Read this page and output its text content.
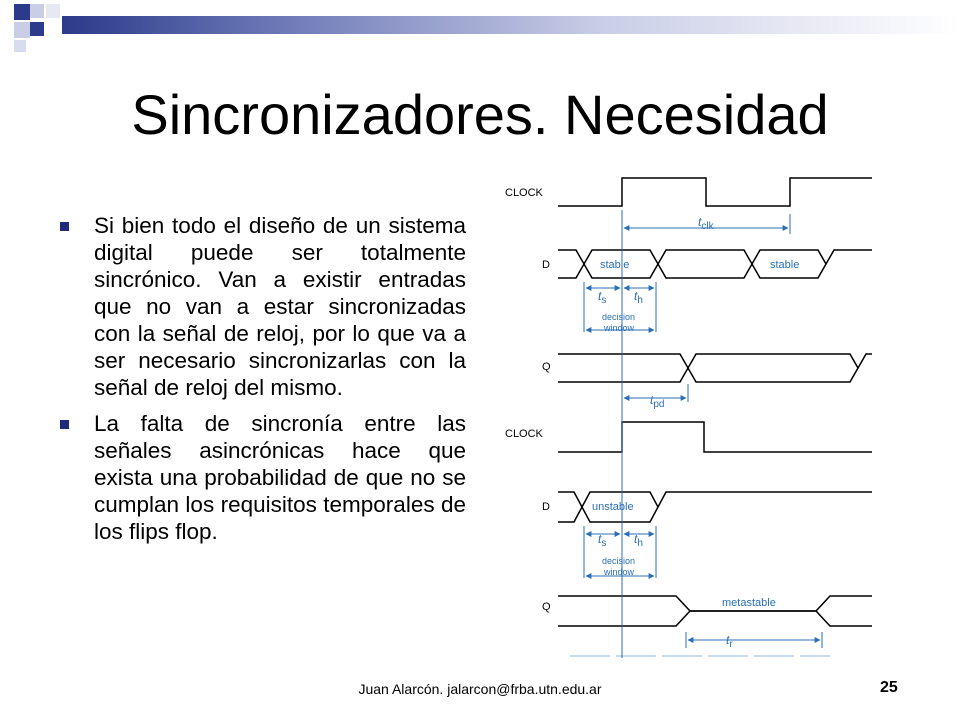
Sincronizadores. Necesidad
Si bien todo el diseño de un sistema digital puede ser totalmente sincrónico. Van a existir entradas que no van a estar sincronizadas con la señal de reloj, por lo que va a ser necesario sincronizarlas con la señal de reloj del mismo.
La falta de sincronía entre las señales asincrónicas hace que exista una probabilidad de que no se cumplan los requisitos temporales de los flips flop.
CLOCK
$t_{clk}$
D	stable	stable
$t_s$ $t_h$
decision
window
Q
$t_{pd}$
CLOCK
D	unstable
$t_s$ $t_h$
decision
window
Q	metastable
$t_r$
Juan Alarcón. jalarcon@frba.utn.edu.ar	25
